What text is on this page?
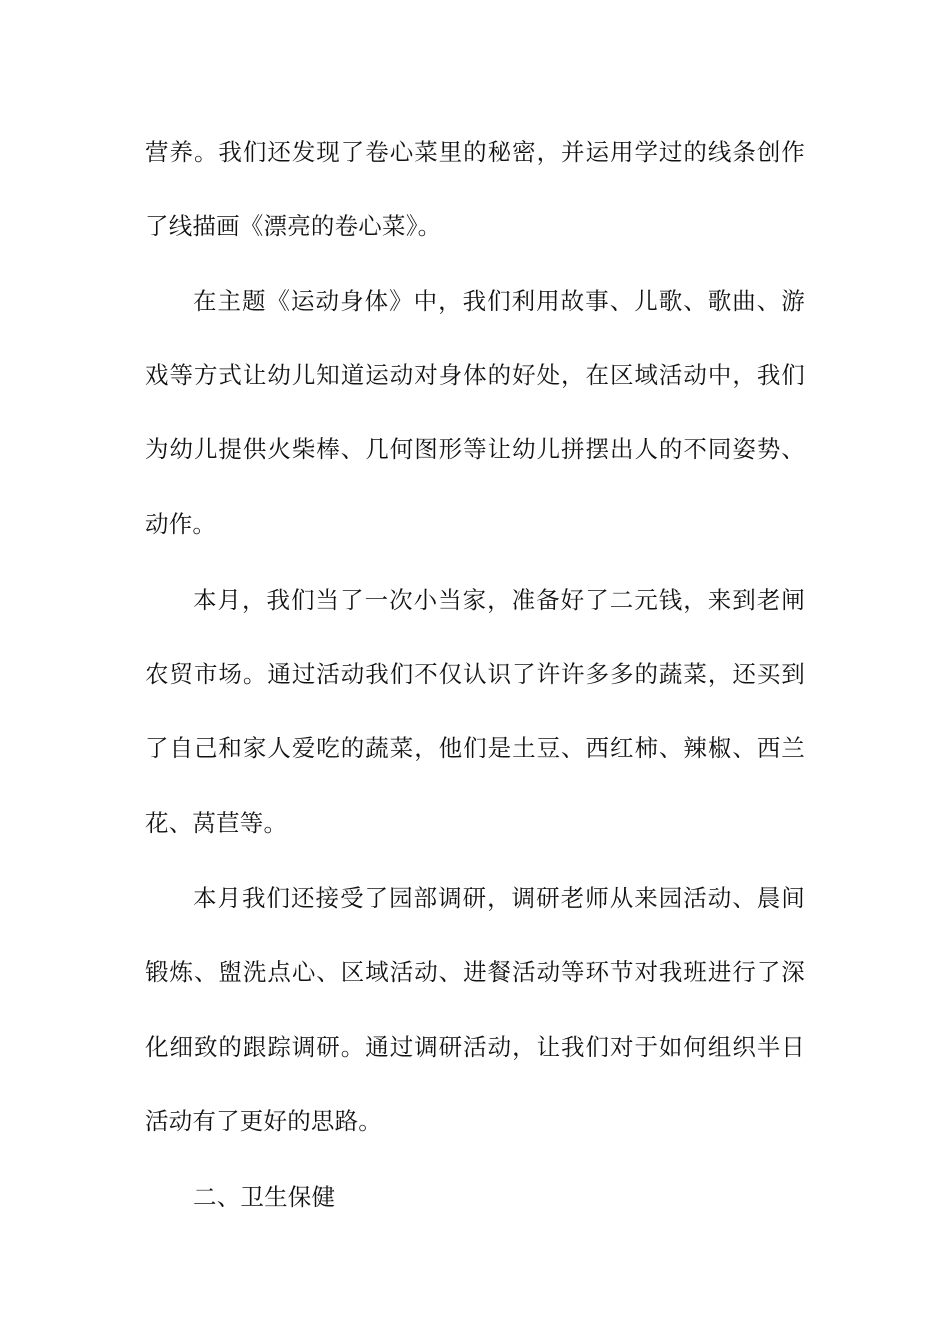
营养。我们还发现了卷心菜里的秘密，并运用学过的线条创作
了线描画《漂亮的卷心菜》。
在主题《运动身体》中，我们利用故事、儿歌、歌曲、游
戏等方式让幼儿知道运动对身体的好处，在区域活动中，我们
为幼儿提供火柴棒、几何图形等让幼儿拼摆出人的不同姿势、
动作。
本月，我们当了一次小当家，准备好了二元钱，来到老闸
农贸市场。通过活动我们不仅认识了许许多多的蔬菜，还买到
了自己和家人爱吃的蔬菜，他们是土豆、西红柿、辣椒、西兰
花、莴苣等。
本月我们还接受了园部调研，调研老师从来园活动、晨间
锻炼、盥洗点心、区域活动、进餐活动等环节对我班进行了深
化细致的跟踪调研。通过调研活动，让我们对于如何组织半日
活动有了更好的思路。
二、卫生保健
